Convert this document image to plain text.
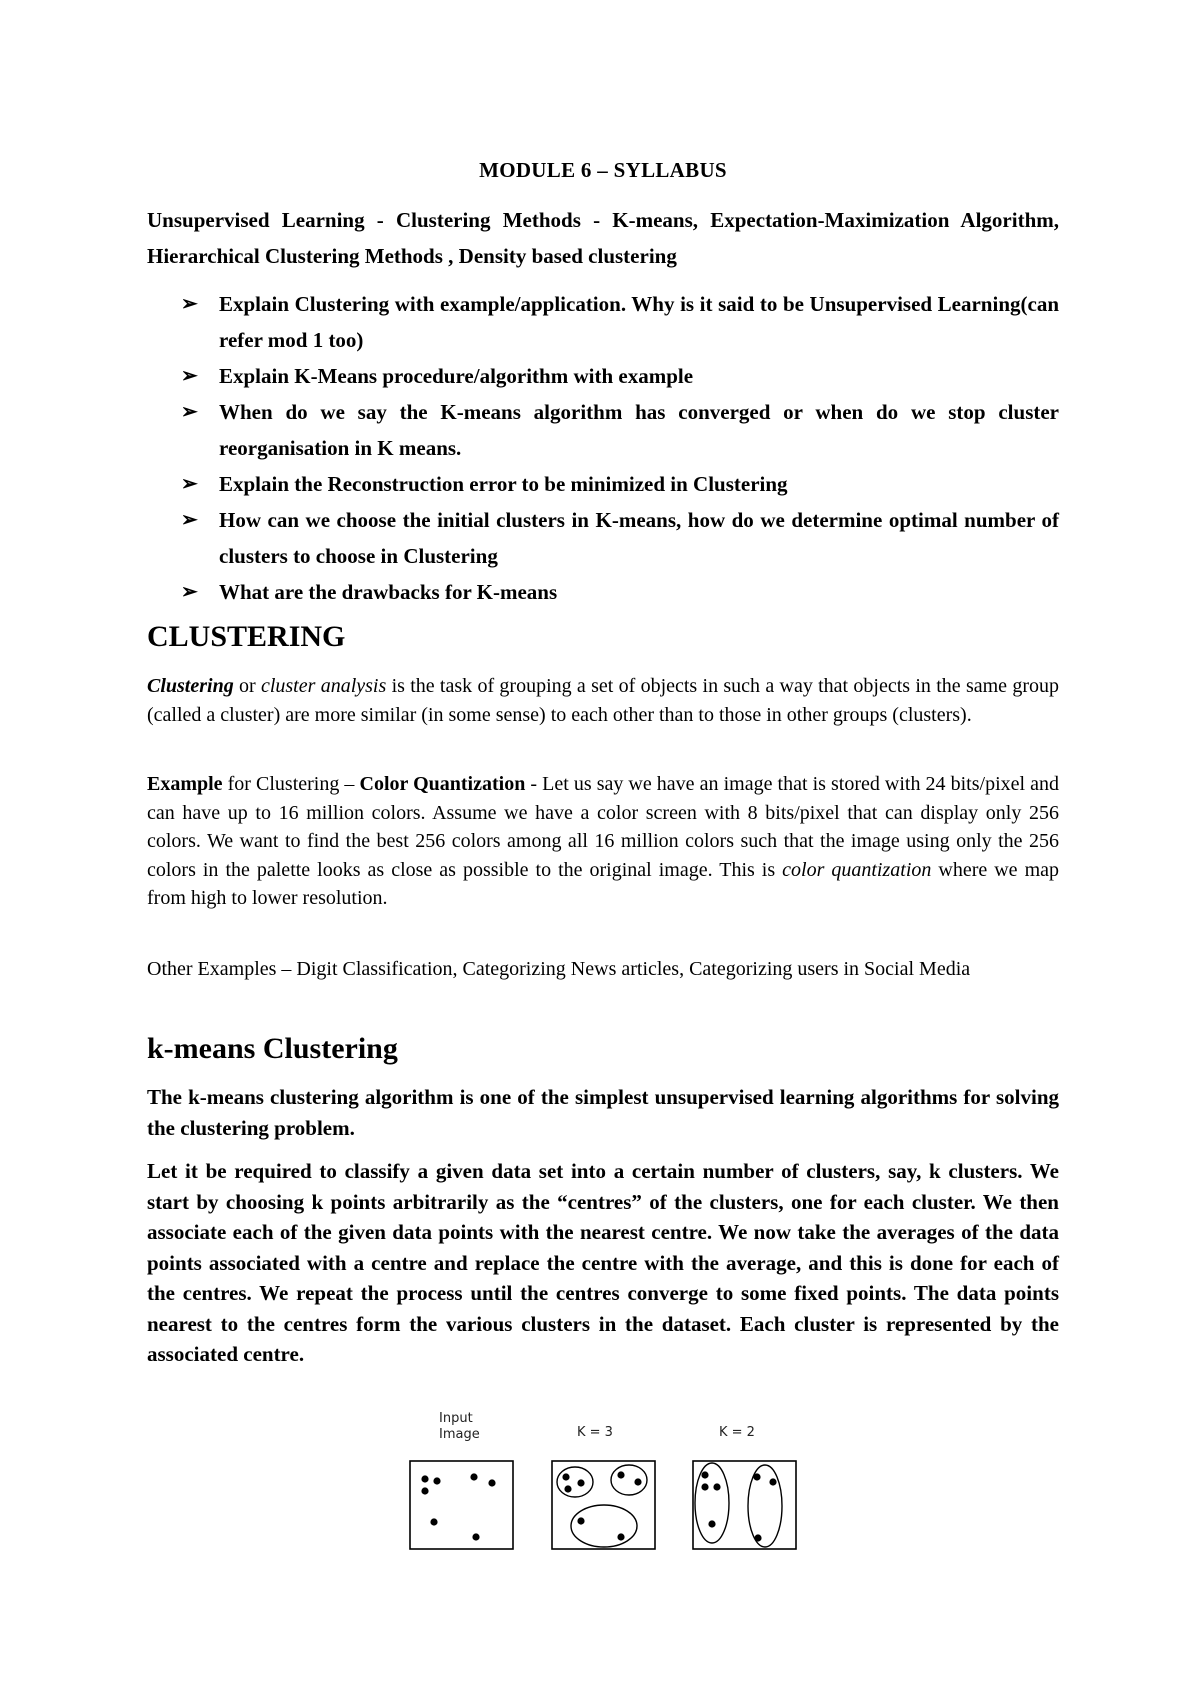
MODULE 6 – SYLLABUS
Unsupervised Learning - Clustering Methods - K-means, Expectation-Maximization Algorithm, Hierarchical Clustering Methods , Density based clustering
➢ Explain Clustering with example/application. Why is it said to be Unsupervised Learning(can refer mod 1 too)
➢ Explain K-Means procedure/algorithm with example
➢ When do we say the K-means algorithm has converged or when do we stop cluster reorganisation in K means.
➢ Explain the Reconstruction error to be minimized in Clustering
➢ How can we choose the initial clusters in K-means, how do we determine optimal number of clusters to choose in Clustering
➢ What are the drawbacks for K-means
CLUSTERING
Clustering or cluster analysis is the task of grouping a set of objects in such a way that objects in the same group (called a cluster) are more similar (in some sense) to each other than to those in other groups (clusters).
Example for Clustering – Color Quantization - Let us say we have an image that is stored with 24 bits/pixel and can have up to 16 million colors. Assume we have a color screen with 8 bits/pixel that can display only 256 colors. We want to find the best 256 colors among all 16 million colors such that the image using only the 256 colors in the palette looks as close as possible to the original image. This is color quantization where we map from high to lower resolution.
Other Examples – Digit Classification, Categorizing News articles, Categorizing users in Social Media
k-means Clustering
The k-means clustering algorithm is one of the simplest unsupervised learning algorithms for solving the clustering problem.
Let it be required to classify a given data set into a certain number of clusters, say, k clusters. We start by choosing k points arbitrarily as the “centres” of the clusters, one for each cluster. We then associate each of the given data points with the nearest centre. We now take the averages of the data points associated with a centre and replace the centre with the average, and this is done for each of the centres. We repeat the process until the centres converge to some fixed points. The data points nearest to the centres form the various clusters in the dataset. Each cluster is represented by the associated centre.
Input
Image	K = 3	K = 2
